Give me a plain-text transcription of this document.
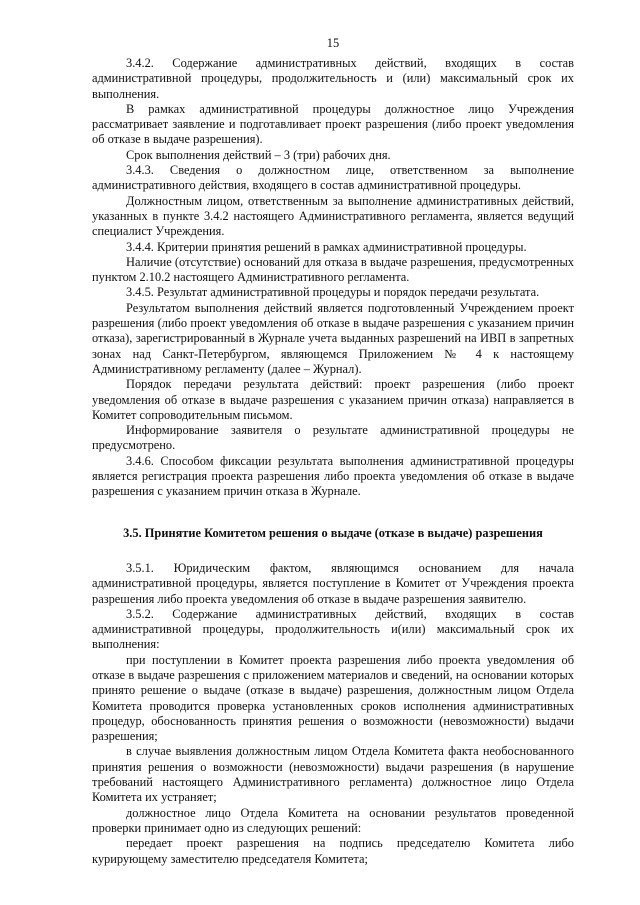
15

3.4.2. Содержание административных действий, входящих в состав административной процедуры, продолжительность и (или) максимальный срок их выполнения.

В рамках административной процедуры должностное лицо Учреждения рассматривает заявление и подготавливает проект разрешения (либо проект уведомления об отказе в выдаче разрешения).

Срок выполнения действий – 3 (три) рабочих дня.

3.4.3. Сведения о должностном лице, ответственном за выполнение административного действия, входящего в состав административной процедуры.

Должностным лицом, ответственным за выполнение административных действий, указанных в пункте 3.4.2 настоящего Административного регламента, является ведущий специалист Учреждения.

3.4.4. Критерии принятия решений в рамках административной процедуры.

Наличие (отсутствие) оснований для отказа в выдаче разрешения, предусмотренных пунктом 2.10.2 настоящего Административного регламента.

3.4.5. Результат административной процедуры и порядок передачи результата.

Результатом выполнения действий является подготовленный Учреждением проект разрешения (либо проект уведомления об отказе в выдаче разрешения с указанием причин отказа), зарегистрированный в Журнале учета выданных разрешений на ИВП в запретных зонах над Санкт-Петербургом, являющемся Приложением № 4 к настоящему Административному регламенту (далее – Журнал).

Порядок передачи результата действий: проект разрешения (либо проект уведомления об отказе в выдаче разрешения с указанием причин отказа) направляется в Комитет сопроводительным письмом.

Информирование заявителя о результате административной процедуры не предусмотрено.

3.4.6. Способом фиксации результата выполнения административной процедуры является регистрация проекта разрешения либо проекта уведомления об отказе в выдаче разрешения с указанием причин отказа в Журнале.

3.5. Принятие Комитетом решения о выдаче (отказе в выдаче) разрешения

3.5.1. Юридическим фактом, являющимся основанием для начала административной процедуры, является поступление в Комитет от Учреждения проекта разрешения либо проекта уведомления об отказе в выдаче разрешения заявителю.

3.5.2. Содержание административных действий, входящих в состав административной процедуры, продолжительность и(или) максимальный срок их выполнения:

при поступлении в Комитет проекта разрешения либо проекта уведомления об отказе в выдаче разрешения с приложением материалов и сведений, на основании которых принято решение о выдаче (отказе в выдаче) разрешения, должностным лицом Отдела Комитета проводится проверка установленных сроков исполнения административных процедур, обоснованность принятия решения о возможности (невозможности) выдачи разрешения;

в случае выявления должностным лицом Отдела Комитета факта необоснованного принятия решения о возможности (невозможности) выдачи разрешения (в нарушение требований настоящего Административного регламента) должностное лицо Отдела Комитета их устраняет;

должностное лицо Отдела Комитета на основании результатов проведенной проверки принимает одно из следующих решений:

передает проект разрешения на подпись председателю Комитета либо курирующему заместителю председателя Комитета;
